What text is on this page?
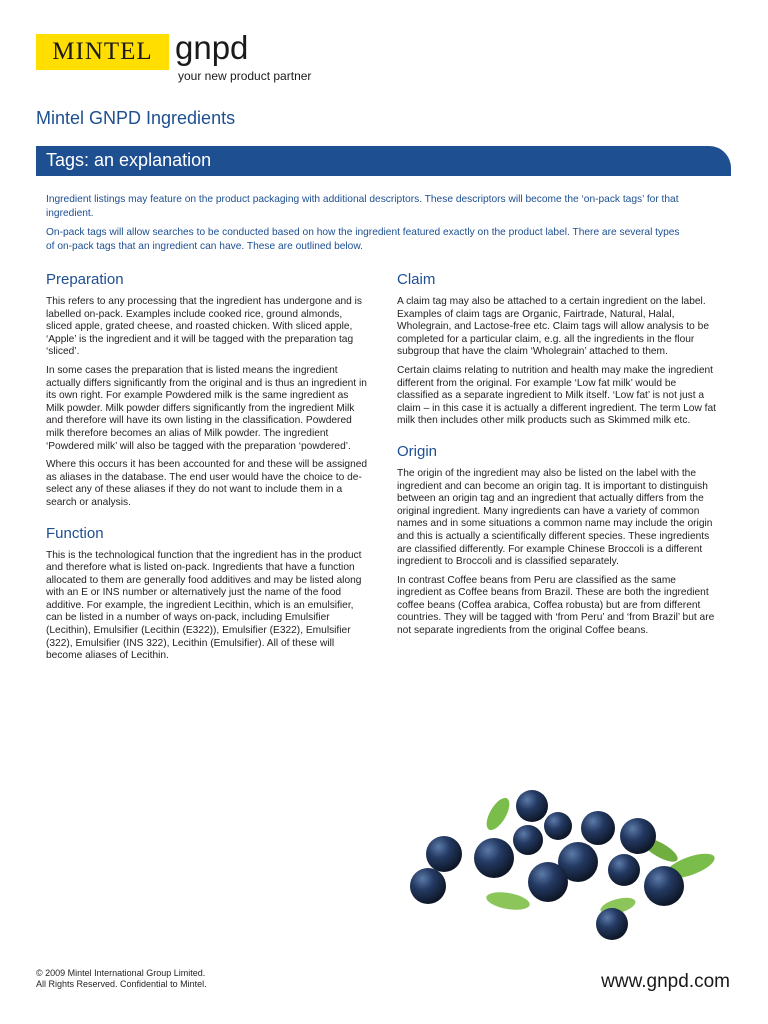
MINTEL gnpd
your new product partner
Mintel GNPD Ingredients
Tags: an explanation

Ingredient listings may feature on the product packaging with additional descriptors. These descriptors will become the ‘on-pack tags’ for that ingredient.

On-pack tags will allow searches to be conducted based on how the ingredient featured exactly on the product label. There are several types of on-pack tags that an ingredient can have. These are outlined below.

Preparation

This refers to any processing that the ingredient has undergone and is labelled on-pack. Examples include cooked rice, ground almonds, sliced apple, grated cheese, and roasted chicken. With sliced apple, ‘Apple’ is the ingredient and it will be tagged with the preparation tag ‘sliced’.

In some cases the preparation that is listed means the ingredient actually differs significantly from the original and is thus an ingredient in its own right. For example Powdered milk is the same ingredient as Milk powder. Milk powder differs significantly from the ingredient Milk and therefore will have its own listing in the classification. Powdered milk therefore becomes an alias of Milk powder. The ingredient ‘Powdered milk’ will also be tagged with the preparation ‘powdered’.

Where this occurs it has been accounted for and these will be assigned as aliases in the database. The end user would have the choice to de-select any of these aliases if they do not want to include them in a search or analysis.

Function

This is the technological function that the ingredient has in the product and therefore what is listed on-pack. Ingredients that have a function allocated to them are generally food additives and may be listed along with an E or INS number or alternatively just the name of the food additive. For example, the ingredient Lecithin, which is an emulsifier, can be listed in a number of ways on-pack, including Emulsifier (Lecithin), Emulsifier (Lecithin (E322)), Emulsifier (E322), Emulsifier (322), Emulsifier (INS 322), Lecithin (Emulsifier). All of these will become aliases of Lecithin.

Claim

A claim tag may also be attached to a certain ingredient on the label. Examples of claim tags are Organic, Fairtrade, Natural, Halal, Wholegrain, and Lactose-free etc. Claim tags will allow analysis to be completed for a particular claim, e.g. all the ingredients in the flour subgroup that have the claim ‘Wholegrain’ attached to them.

Certain claims relating to nutrition and health may make the ingredient different from the original. For example ‘Low fat milk’ would be classified as a separate ingredient to Milk itself. ‘Low fat’ is not just a claim – in this case it is actually a different ingredient. The term Low fat milk then includes other milk products such as Skimmed milk etc.

Origin

The origin of the ingredient may also be listed on the label with the ingredient and can become an origin tag. It is important to distinguish between an origin tag and an ingredient that actually differs from the original ingredient. Many ingredients can have a variety of common names and in some situations a common name may include the origin and this is actually a scientifically different species. These ingredients are classified differently. For example Chinese Broccoli is a different ingredient to Broccoli and is classified separately.

In contrast Coffee beans from Peru are classified as the same ingredient as Coffee beans from Brazil. These are both the ingredient coffee beans (Coffea arabica, Coffea robusta) but are from different countries. They will be tagged with ‘from Peru’ and ‘from Brazil’ but are not separate ingredients from the original Coffee beans.

© 2009 Mintel International Group Limited.
All Rights Reserved. Confidential to Mintel.	www.gnpd.com
